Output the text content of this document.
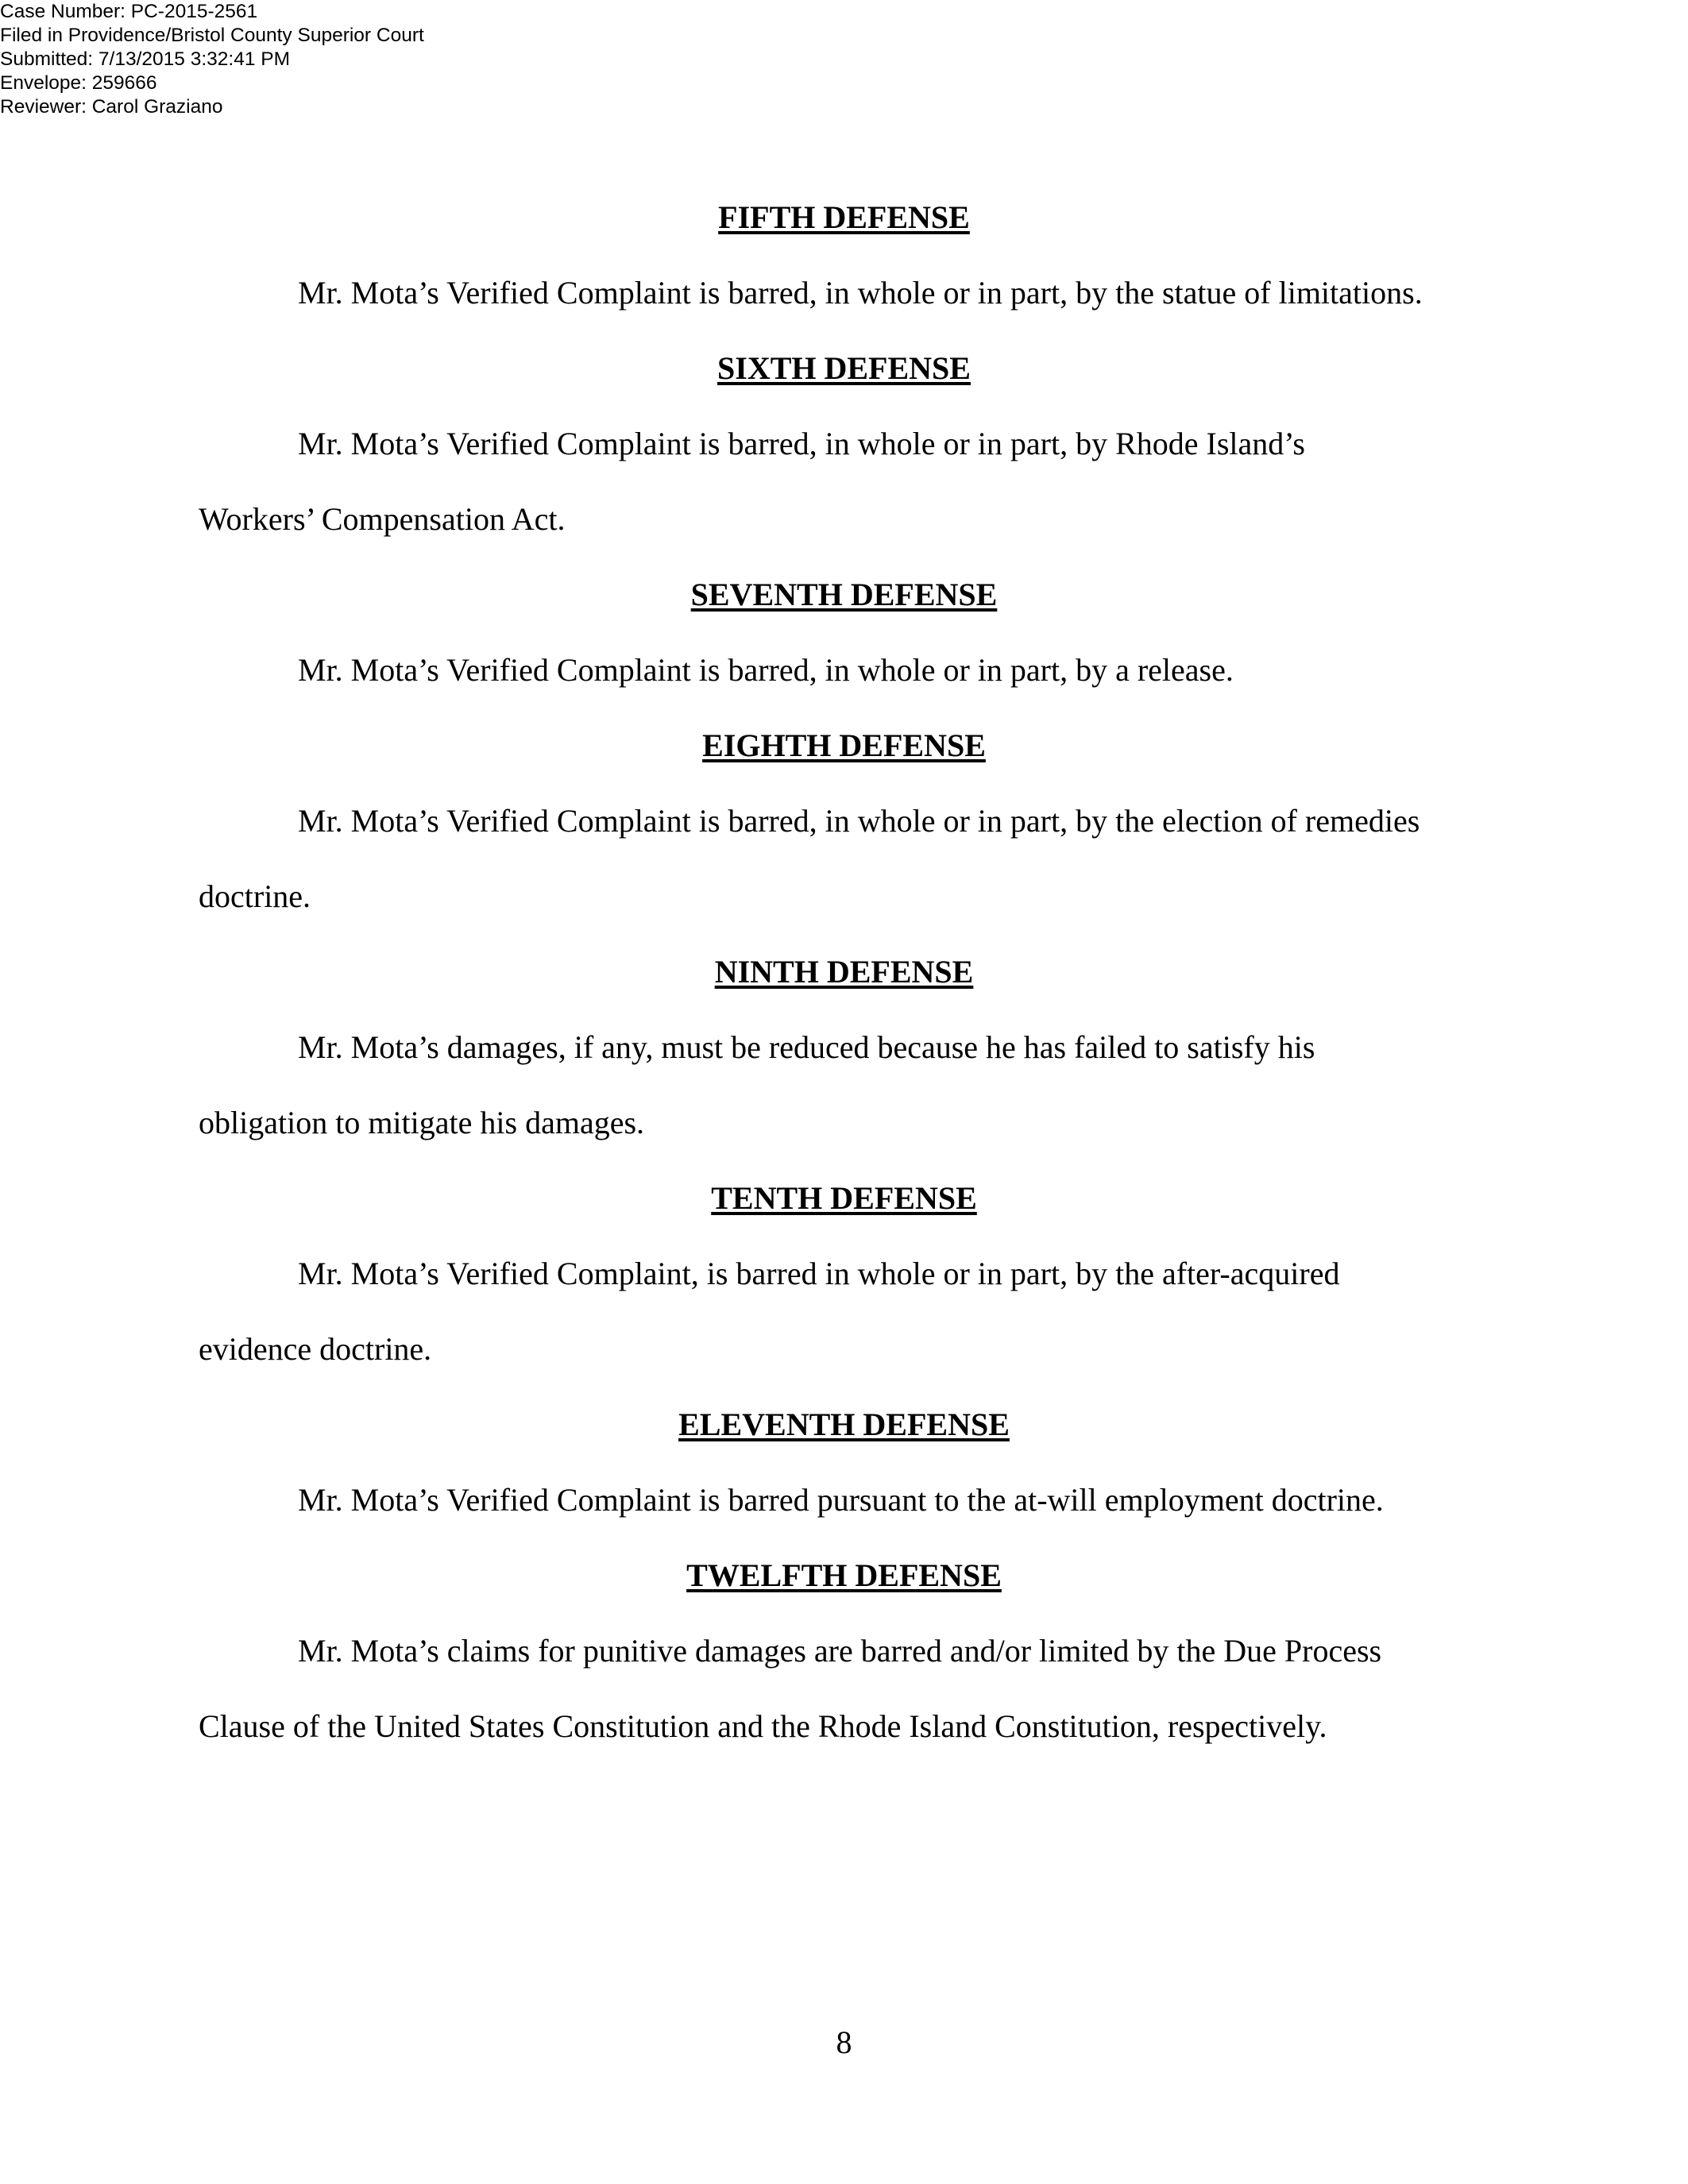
Case Number: PC-2015-2561
Filed in Providence/Bristol County Superior Court
Submitted: 7/13/2015 3:32:41 PM
Envelope: 259666
Reviewer: Carol Graziano
FIFTH DEFENSE
Mr. Mota’s Verified Complaint is barred, in whole or in part, by the statue of limitations.
SIXTH DEFENSE
Mr. Mota’s Verified Complaint is barred, in whole or in part, by Rhode Island’s
Workers’ Compensation Act.
SEVENTH DEFENSE
Mr. Mota’s Verified Complaint is barred, in whole or in part, by a release.
EIGHTH DEFENSE
Mr. Mota’s Verified Complaint is barred, in whole or in part, by the election of remedies
doctrine.
NINTH DEFENSE
Mr. Mota’s damages, if any, must be reduced because he has failed to satisfy his
obligation to mitigate his damages.
TENTH DEFENSE
Mr. Mota’s Verified Complaint, is barred in whole or in part, by the after-acquired
evidence doctrine.
ELEVENTH DEFENSE
Mr. Mota’s Verified Complaint is barred pursuant to the at-will employment doctrine.
TWELFTH DEFENSE
Mr. Mota’s claims for punitive damages are barred and/or limited by the Due Process
Clause of the United States Constitution and the Rhode Island Constitution, respectively.
8
